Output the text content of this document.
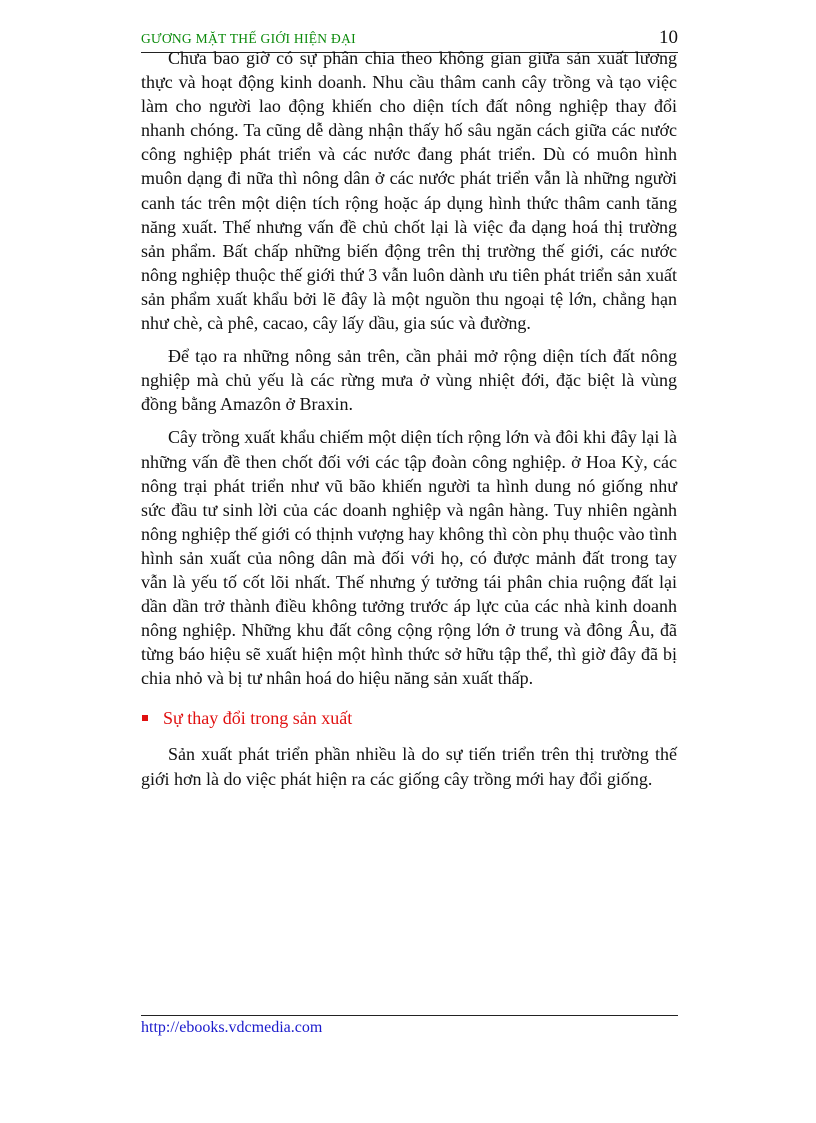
GƯƠNG MẶT THẾ GIỚI HIỆN ĐẠI	10

Chưa bao giờ có sự phân chia theo không gian giữa sản xuất lương thực và hoạt động kinh doanh. Nhu cầu thâm canh cây trồng và tạo việc làm cho người lao động khiến cho diện tích đất nông nghiệp thay đổi nhanh chóng. Ta cũng dễ dàng nhận thấy hố sâu ngăn cách giữa các nước công nghiệp phát triển và các nước đang phát triển. Dù có muôn hình muôn dạng đi nữa thì nông dân ở các nước phát triển vẫn là những người canh tác trên một diện tích rộng hoặc áp dụng hình thức thâm canh tăng năng xuất. Thế nhưng vấn đề chủ chốt lại là việc đa dạng hoá thị trường sản phẩm. Bất chấp những biến động trên thị trường thế giới, các nước nông nghiệp thuộc thế giới thứ 3 vẫn luôn dành ưu tiên phát triển sản xuất sản phẩm xuất khẩu bởi lẽ đây là một nguồn thu ngoại tệ lớn, chẳng hạn như chè, cà phê, cacao, cây lấy dầu, gia súc và đường.

Để tạo ra những nông sản trên, cần phải mở rộng diện tích đất nông nghiệp mà chủ yếu là các rừng mưa ở vùng nhiệt đới, đặc biệt là vùng đồng bằng Amazôn ở Braxin.

Cây trồng xuất khẩu chiếm một diện tích rộng lớn và đôi khi đây lại là những vấn đề then chốt đối với các tập đoàn công nghiệp. ở Hoa Kỳ, các nông trại phát triển như vũ bão khiến người ta hình dung nó giống như sức đầu tư sinh lời của các doanh nghiệp và ngân hàng. Tuy nhiên ngành nông nghiệp thế giới có thịnh vượng hay không thì còn phụ thuộc vào tình hình sản xuất của nông dân mà đối với họ, có được mảnh đất trong tay vẫn là yếu tố cốt lõi nhất. Thế nhưng ý tưởng tái phân chia ruộng đất lại dần dần trở thành điều không tưởng trước áp lực của các nhà kinh doanh nông nghiệp. Những khu đất công cộng rộng lớn ở trung và đông Âu, đã từng báo hiệu sẽ xuất hiện một hình thức sở hữu tập thể, thì giờ đây đã bị chia nhỏ và bị tư nhân hoá do hiệu năng sản xuất thấp.

Sự thay đổi trong sản xuất

Sản xuất phát triển phần nhiều là do sự tiến triển trên thị trường thế giới hơn là do việc phát hiện ra các giống cây trồng mới hay đổi giống.

http://ebooks.vdcmedia.com
